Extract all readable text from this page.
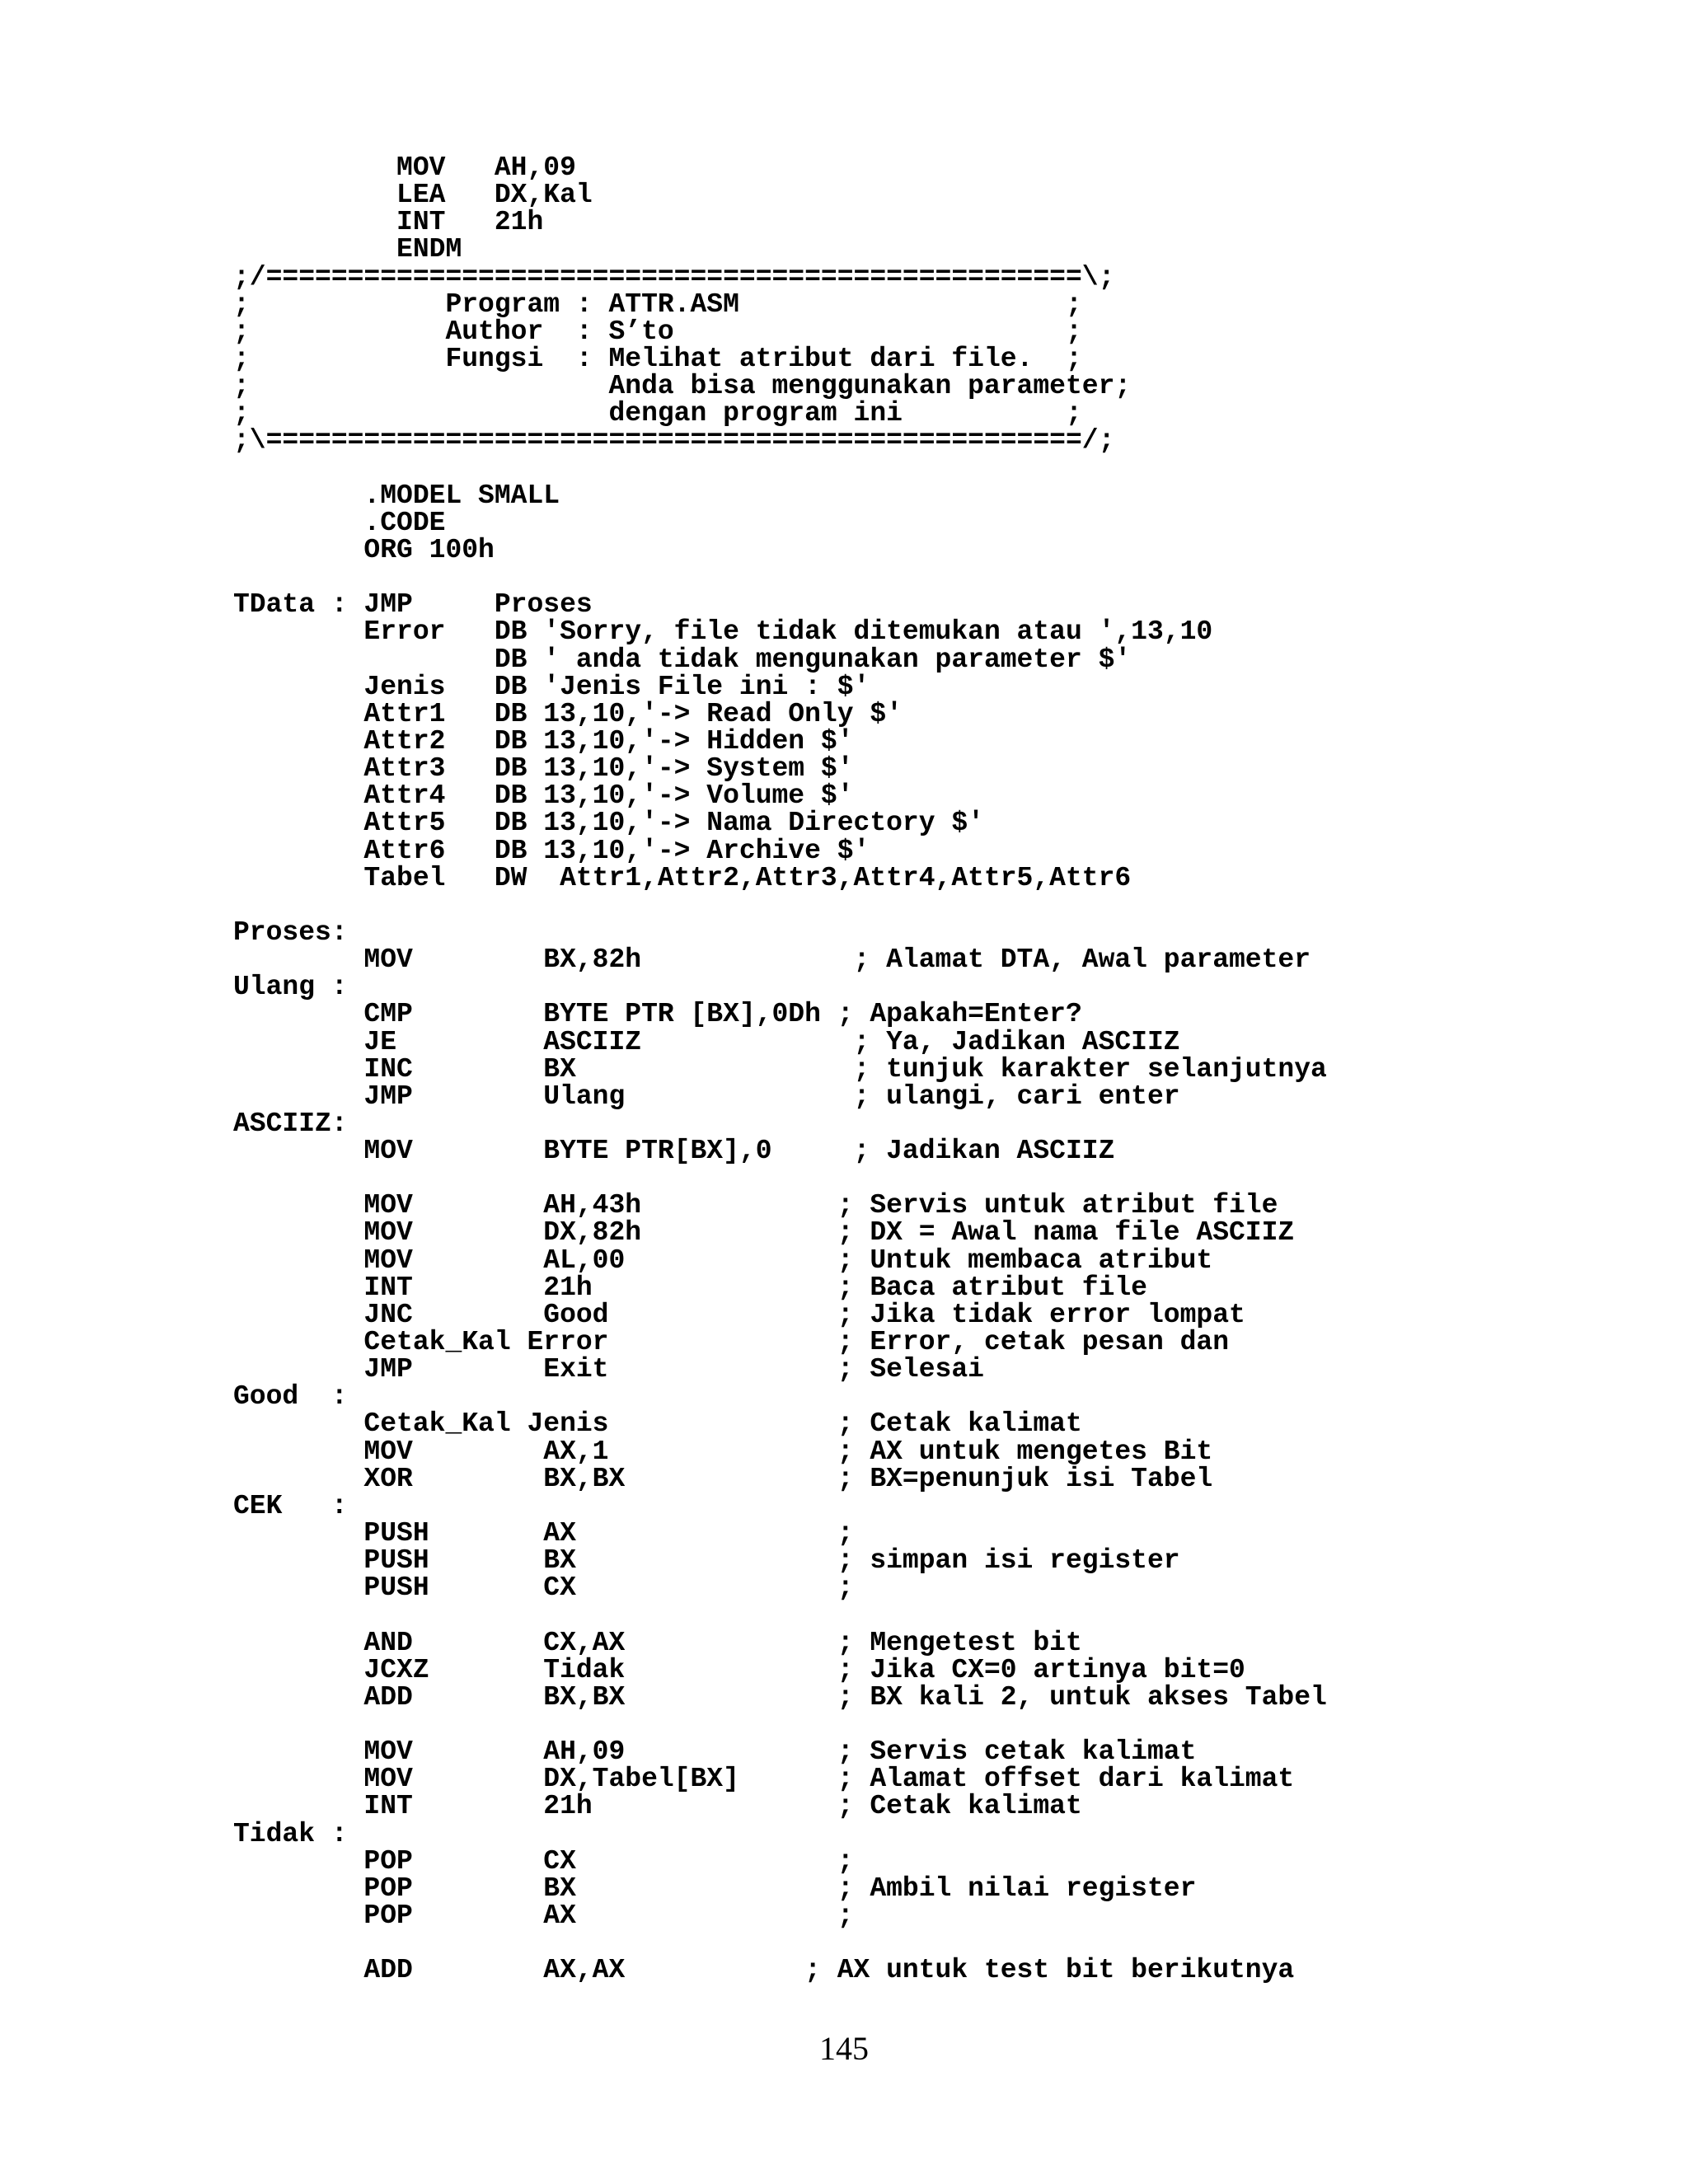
MOV   AH,09
LEA   DX,Kal
INT   21h
ENDM
;/==================================================\;
;            Program : ATTR.ASM                    ;
;            Author  : S’to                        ;
;            Fungsi  : Melihat atribut dari file.  ;
;                      Anda bisa menggunakan parameter;
;                      dengan program ini          ;
;\==================================================/;
.MODEL SMALL
.CODE
ORG 100h
TData : JMP     Proses
Error   DB 'Sorry, file tidak ditemukan atau ',13,10
DB ' anda tidak mengunakan parameter $'
Jenis   DB 'Jenis File ini : $'
Attr1   DB 13,10,'-> Read Only $'
Attr2   DB 13,10,'-> Hidden $'
Attr3   DB 13,10,'-> System $'
Attr4   DB 13,10,'-> Volume $'
Attr5   DB 13,10,'-> Nama Directory $'
Attr6   DB 13,10,'-> Archive $'
Tabel   DW  Attr1,Attr2,Attr3,Attr4,Attr5,Attr6
Proses:
MOV        BX,82h             ; Alamat DTA, Awal parameter
Ulang :
CMP        BYTE PTR [BX],0Dh ; Apakah=Enter?
JE         ASCIIZ             ; Ya, Jadikan ASCIIZ
INC        BX                 ; tunjuk karakter selanjutnya
JMP        Ulang              ; ulangi, cari enter
ASCIIZ:
MOV        BYTE PTR[BX],0     ; Jadikan ASCIIZ
MOV        AH,43h            ; Servis untuk atribut file
MOV        DX,82h            ; DX = Awal nama file ASCIIZ
MOV        AL,00             ; Untuk membaca atribut
INT        21h               ; Baca atribut file
JNC        Good              ; Jika tidak error lompat
Cetak_Kal Error              ; Error, cetak pesan dan
JMP        Exit              ; Selesai
Good  :
Cetak_Kal Jenis              ; Cetak kalimat
MOV        AX,1              ; AX untuk mengetes Bit
XOR        BX,BX             ; BX=penunjuk isi Tabel
CEK   :
PUSH       AX                ;
PUSH       BX                ; simpan isi register
PUSH       CX                ;
AND        CX,AX             ; Mengetest bit
JCXZ       Tidak             ; Jika CX=0 artinya bit=0
ADD        BX,BX             ; BX kali 2, untuk akses Tabel
MOV        AH,09             ; Servis cetak kalimat
MOV        DX,Tabel[BX]      ; Alamat offset dari kalimat
INT        21h               ; Cetak kalimat
Tidak :
POP        CX                ;
POP        BX                ; Ambil nilai register
POP        AX                ;
ADD        AX,AX           ; AX untuk test bit berikutnya
145
